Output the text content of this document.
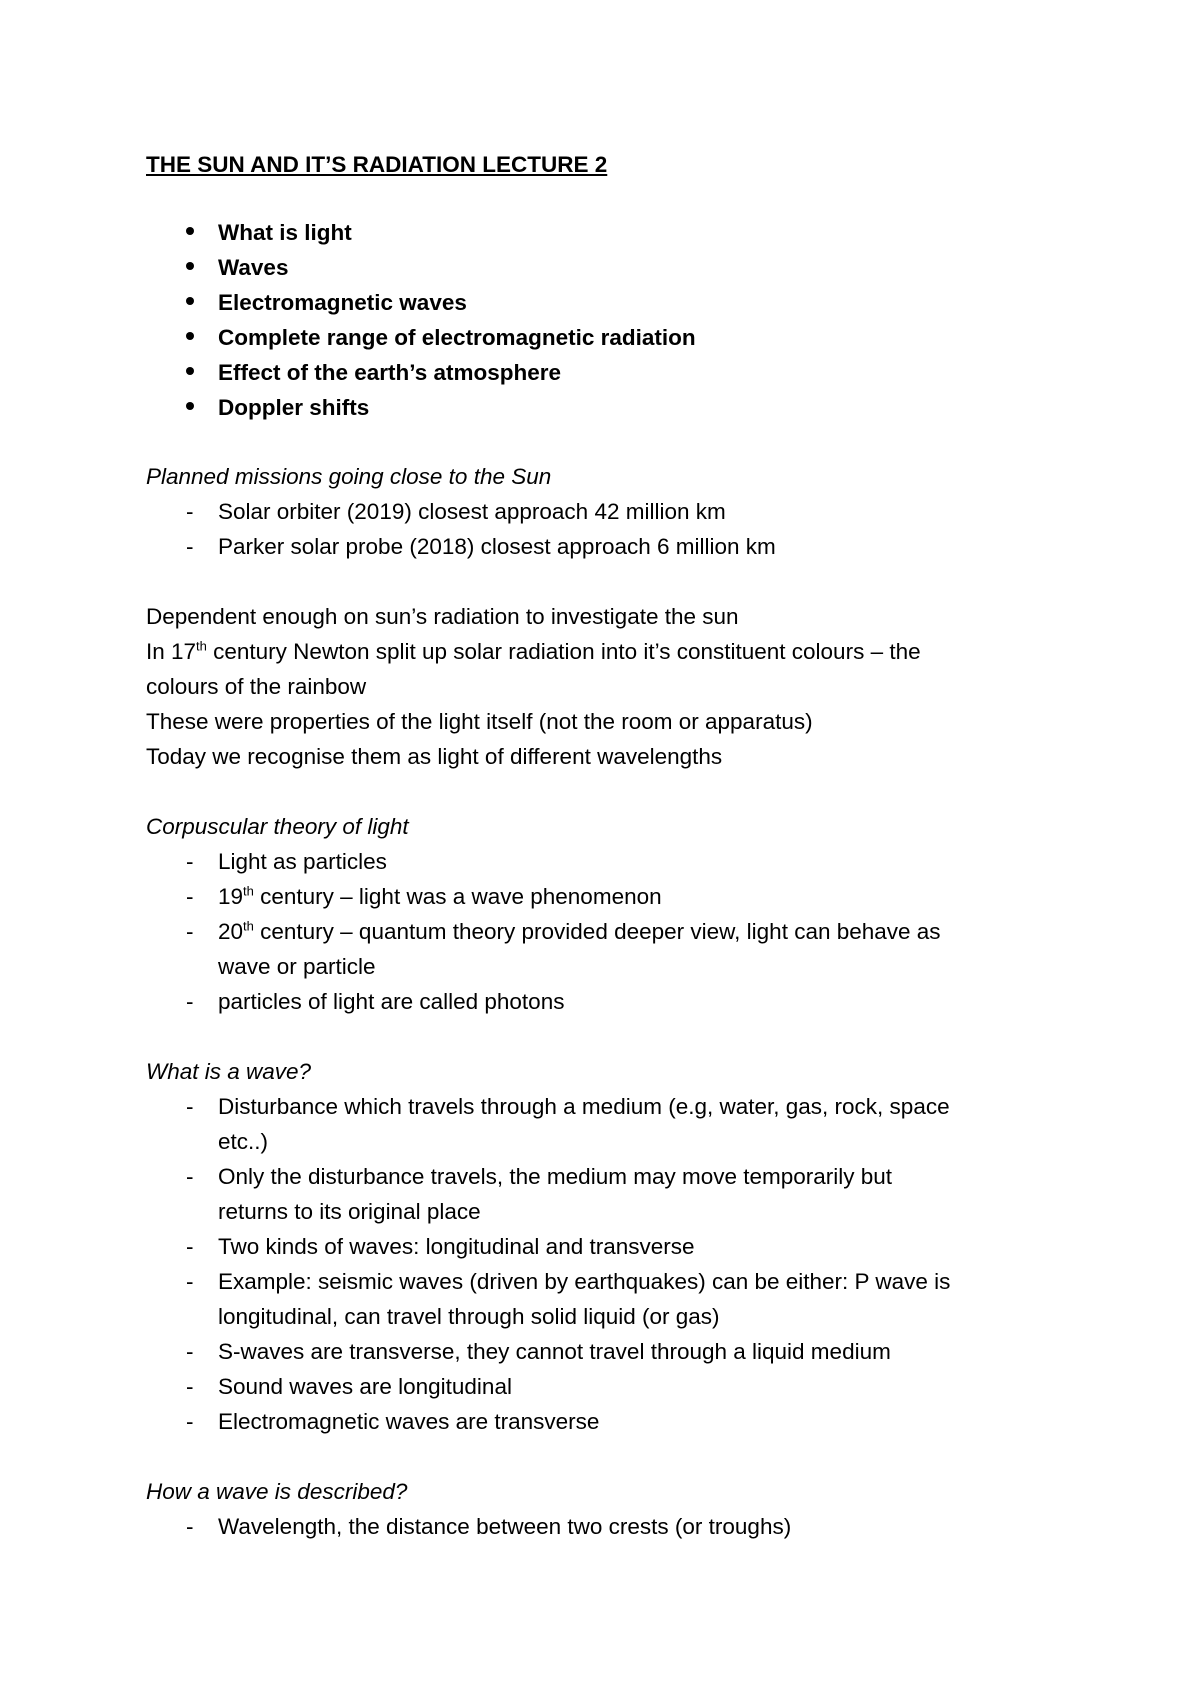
THE SUN AND IT’S RADIATION LECTURE 2
What is light
Waves
Electromagnetic waves
Complete range of electromagnetic radiation
Effect of the earth’s atmosphere
Doppler shifts
Planned missions going close to the Sun
- Solar orbiter (2019) closest approach 42 million km
- Parker solar probe (2018) closest approach 6 million km
Dependent enough on sun’s radiation to investigate the sun
In 17th century Newton split up solar radiation into it’s constituent colours – the
colours of the rainbow
These were properties of the light itself (not the room or apparatus)
Today we recognise them as light of different wavelengths
Corpuscular theory of light
- Light as particles
- 19th century – light was a wave phenomenon
- 20th century – quantum theory provided deeper view, light can behave as
wave or particle
- particles of light are called photons
What is a wave?
- Disturbance which travels through a medium (e.g, water, gas, rock, space
etc..)
- Only the disturbance travels, the medium may move temporarily but
returns to its original place
- Two kinds of waves: longitudinal and transverse
- Example: seismic waves (driven by earthquakes) can be either: P wave is
longitudinal, can travel through solid liquid (or gas)
- S-waves are transverse, they cannot travel through a liquid medium
- Sound waves are longitudinal
- Electromagnetic waves are transverse
How a wave is described?
- Wavelength, the distance between two crests (or troughs)
